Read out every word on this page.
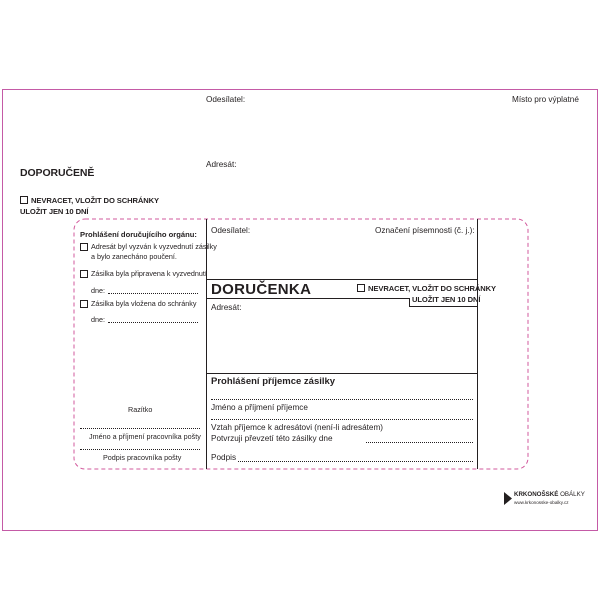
Odesílatel:	Místo pro výplatné
DOPORUČENĚ
Adresát:
NEVRACET, VLOŽIT DO SCHRÁNKY
ULOŽIT JEN 10 DNÍ
Prohlášení doručujícího orgánu:
Adresát byl vyzván k vyzvednutí zásilky
a bylo zanecháno poučení.
Zásilka byla připravena k vyzvednutí
dne:
Zásilka byla vložena do schránky
dne:
Razítko
Jméno a příjmení pracovníka pošty
Podpis pracovníka pošty
Odesílatel:	Označení písemnosti (č. j.):
DORUČENKA	NEVRACET, VLOŽIT DO SCHRÁNKY
ULOŽIT JEN 10 DNÍ
Adresát:
Prohlášení příjemce zásilky
Jméno a příjmení příjemce
Vztah příjemce k adresátovi (není-li adresátem)
Potvrzuji převzetí této zásilky dne
Podpis
KRKONOŠSKÉ OBÁLKY
www.krkonosske-obalky.cz
